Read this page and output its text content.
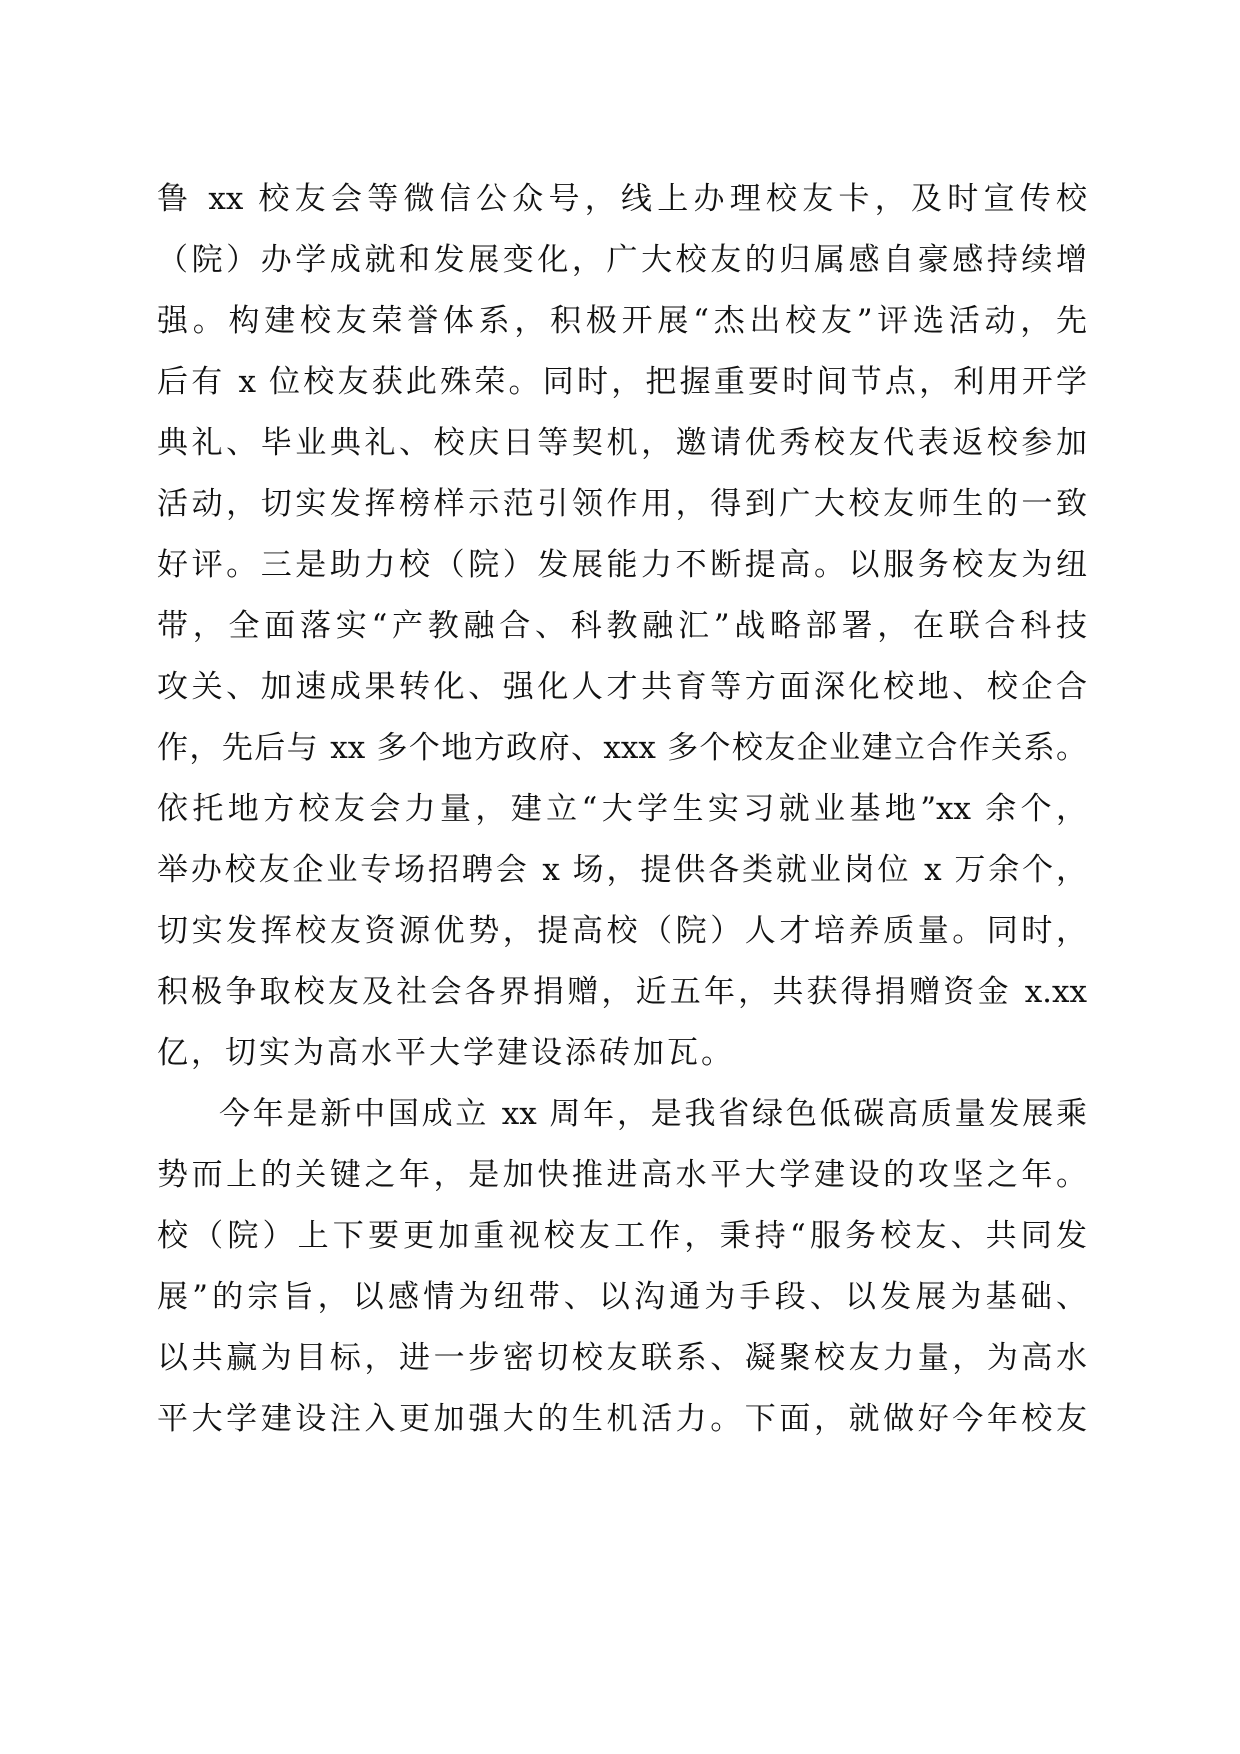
鲁 xx 校友会等微信公众号，线上办理校友卡，及时宣传校
（院）办学成就和发展变化，广大校友的归属感自豪感持续增
强。构建校友荣誉体系，积极开展“杰出校友”评选活动，先
后有 x 位校友获此殊荣。同时，把握重要时间节点，利用开学
典礼、毕业典礼、校庆日等契机，邀请优秀校友代表返校参加
活动，切实发挥榜样示范引领作用，得到广大校友师生的一致
好评。三是助力校（院）发展能力不断提高。以服务校友为纽
带，全面落实“产教融合、科教融汇”战略部署，在联合科技
攻关、加速成果转化、强化人才共育等方面深化校地、校企合
作，先后与 xx 多个地方政府、xxx 多个校友企业建立合作关系。
依托地方校友会力量，建立“大学生实习就业基地”xx 余个，
举办校友企业专场招聘会 x 场，提供各类就业岗位 x 万余个，
切实发挥校友资源优势，提高校（院）人才培养质量。同时，
积极争取校友及社会各界捐赠，近五年，共获得捐赠资金 x.xx
亿，切实为高水平大学建设添砖加瓦。
今年是新中国成立 xx 周年，是我省绿色低碳高质量发展乘
势而上的关键之年，是加快推进高水平大学建设的攻坚之年。
校（院）上下要更加重视校友工作，秉持“服务校友、共同发
展”的宗旨，以感情为纽带、以沟通为手段、以发展为基础、
以共赢为目标，进一步密切校友联系、凝聚校友力量，为高水
平大学建设注入更加强大的生机活力。下面，就做好今年校友
